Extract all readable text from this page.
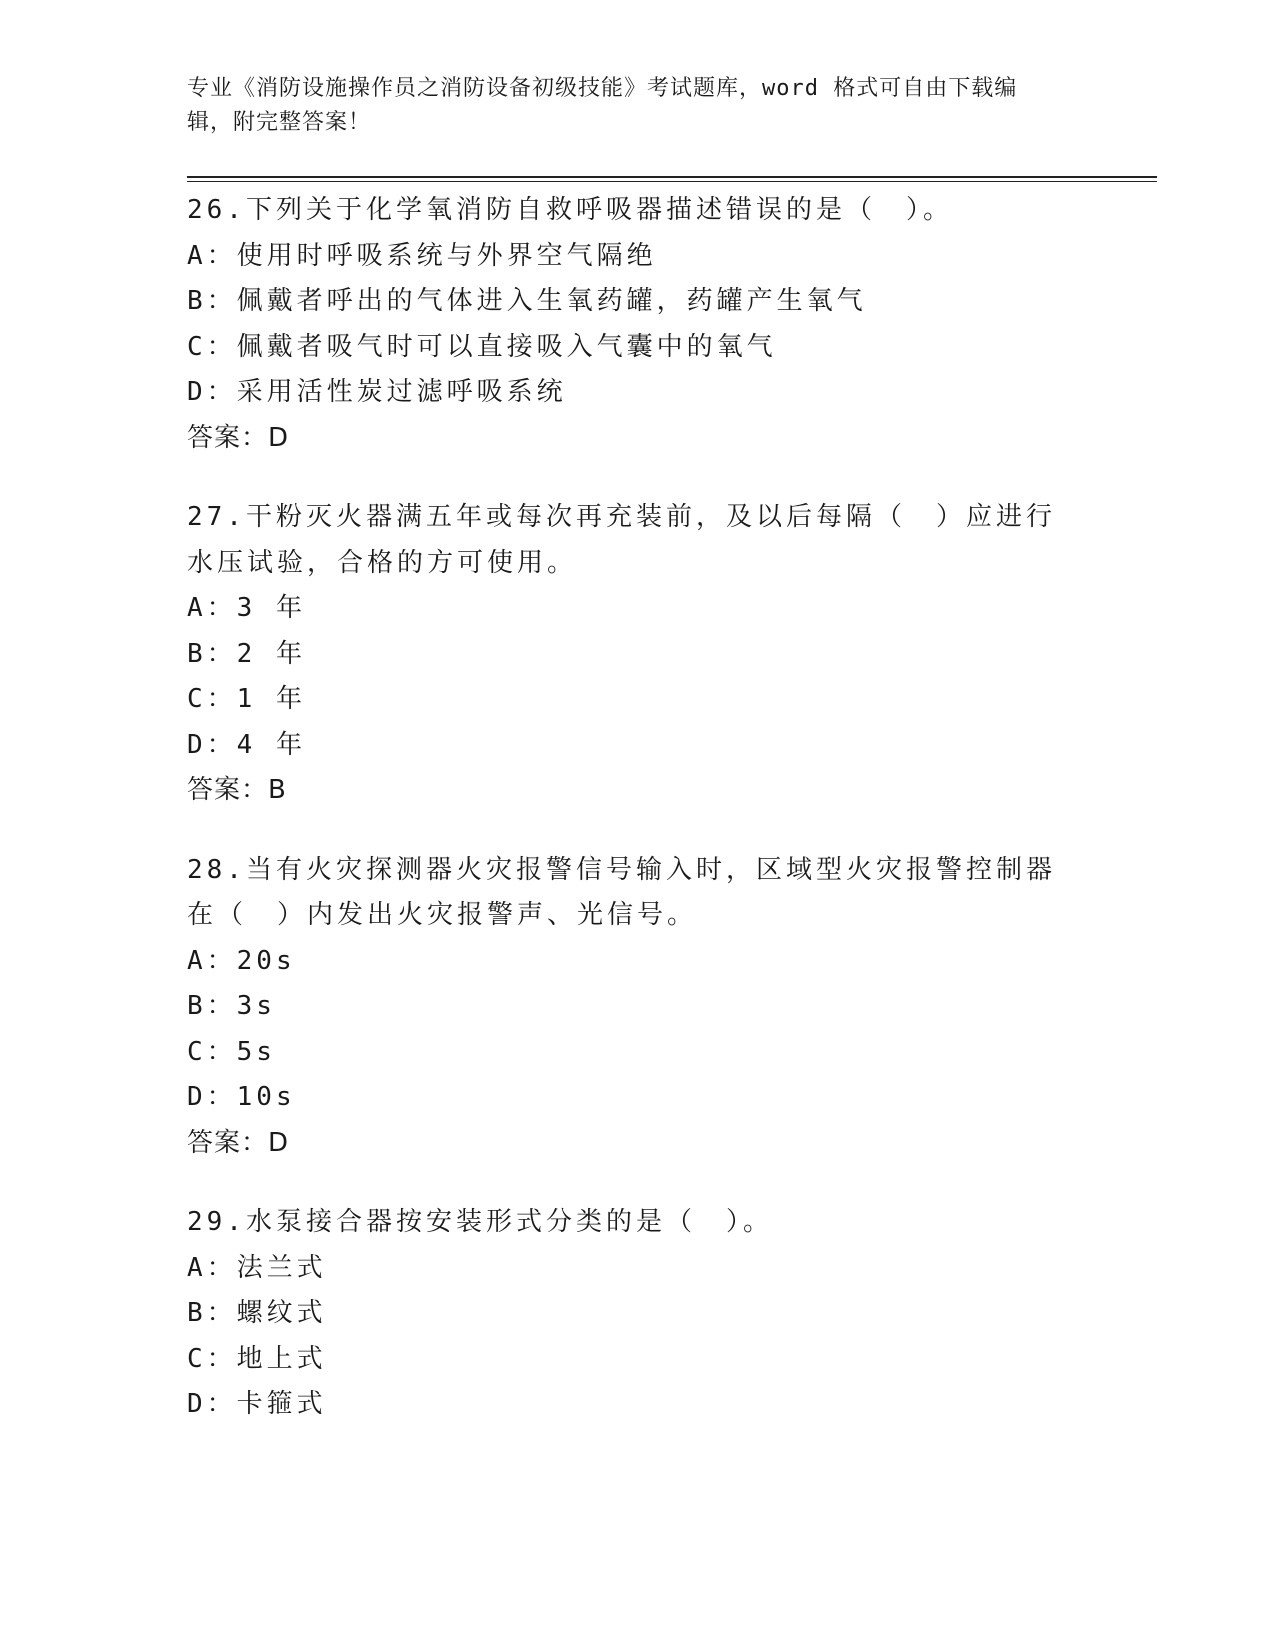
专业《消防设施操作员之消防设备初级技能》考试题库，word 格式可自由下载编
辑，附完整答案！
26.下列关于化学氧消防自救呼吸器描述错误的是（　）。
A：使用时呼吸系统与外界空气隔绝
B：佩戴者呼出的气体进入生氧药罐，药罐产生氧气
C：佩戴者吸气时可以直接吸入气囊中的氧气
D：采用活性炭过滤呼吸系统
答案：D
27.干粉灭火器满五年或每次再充装前，及以后每隔（　）应进行水压试验，合格的方可使用。
A：3 年
B：2 年
C：1 年
D：4 年
答案：B
28.当有火灾探测器火灾报警信号输入时，区域型火灾报警控制器在（　）内发出火灾报警声、光信号。
A：20s
B：3s
C：5s
D：10s
答案：D
29.水泵接合器按安装形式分类的是（　）。
A：法兰式
B：螺纹式
C：地上式
D：卡箍式
